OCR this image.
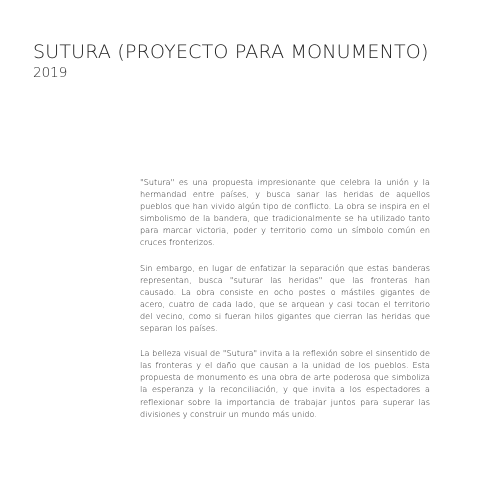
SUTURA (PROYECTO PARA MONUMENTO)
2019

"Sutura" es una propuesta impresionante que celebra la unión y la hermandad entre países, y busca sanar las heridas de aquellos pueblos que han vivido algún tipo de conflicto. La obra se inspira en el simbolismo de la bandera, que tradicionalmente se ha utilizado tanto para marcar victoria, poder y territorio como un símbolo común en cruces fronterizos.

Sin embargo, en lugar de enfatizar la separación que estas banderas representan, busca "suturar las heridas" que las fronteras han causado. La obra consiste en ocho postes o mástiles gigantes de acero, cuatro de cada lado, que se arquean y casi tocan el territorio del vecino, como si fueran hilos gigantes que cierran las heridas que separan los países.

La belleza visual de "Sutura" invita a la reflexión sobre el sinsentido de las fronteras y el daño que causan a la unidad de los pueblos. Esta propuesta de monumento es una obra de arte poderosa que simboliza la esperanza y la reconciliación, y que invita a los espectadores a reflexionar sobre la importancia de trabajar juntos para superar las divisiones y construir un mundo más unido.
